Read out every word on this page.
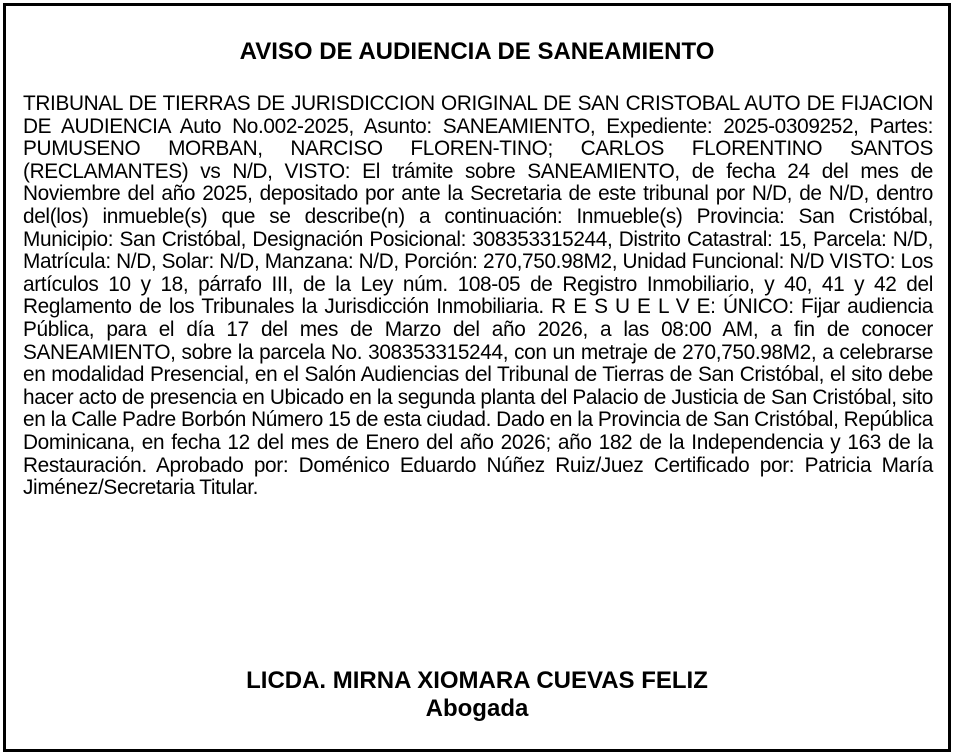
AVISO DE AUDIENCIA DE SANEAMIENTO

TRIBUNAL DE TIERRAS DE JURISDICCION ORIGINAL DE SAN CRISTOBAL AUTO DE FIJACION DE AUDIENCIA Auto No.002-2025, Asunto: SANEAMIENTO, Expediente: 2025-0309252, Partes: PUMUSENO MORBAN, NARCISO FLOREN-TINO; CARLOS FLORENTINO SANTOS (RECLAMANTES) vs N/D, VISTO: El trámite sobre SANEAMIENTO, de fecha 24 del mes de Noviembre del año 2025, depositado por ante la Secretaria de este tribunal por N/D, de N/D, dentro del(los) inmueble(s) que se describe(n) a continuación: Inmueble(s) Provincia: San Cristóbal, Municipio: San Cristóbal, Designación Posicional: 308353315244, Distrito Catastral: 15, Parcela: N/D, Matrícula: N/D, Solar: N/D, Manzana: N/D, Porción: 270,750.98M2, Unidad Funcional: N/D VISTO: Los artículos 10 y 18, párrafo III, de la Ley núm. 108-05 de Registro Inmobiliario, y 40, 41 y 42 del Reglamento de los Tribunales la Jurisdicción Inmobiliaria. R E S U E L V E: ÚNICO: Fijar audiencia Pública, para el día 17 del mes de Marzo del año 2026, a las 08:00 AM, a fin de conocer SANEAMIENTO, sobre la parcela No. 308353315244, con un metraje de 270,750.98M2, a celebrarse en modalidad Presencial, en el Salón Audiencias del Tribunal de Tierras de San Cristóbal, el sito debe hacer acto de presencia en Ubicado en la segunda planta del Palacio de Justicia de San Cristóbal, sito en la Calle Padre Borbón Número 15 de esta ciudad. Dado en la Provincia de San Cristóbal, República Dominicana, en fecha 12 del mes de Enero del año 2026; año 182 de la Independencia y 163 de la Restauración. Aprobado por: Doménico Eduardo Núñez Ruiz/Juez Certificado por: Patricia María Jiménez/Secretaria Titular.

LICDA. MIRNA XIOMARA CUEVAS FELIZ
Abogada
